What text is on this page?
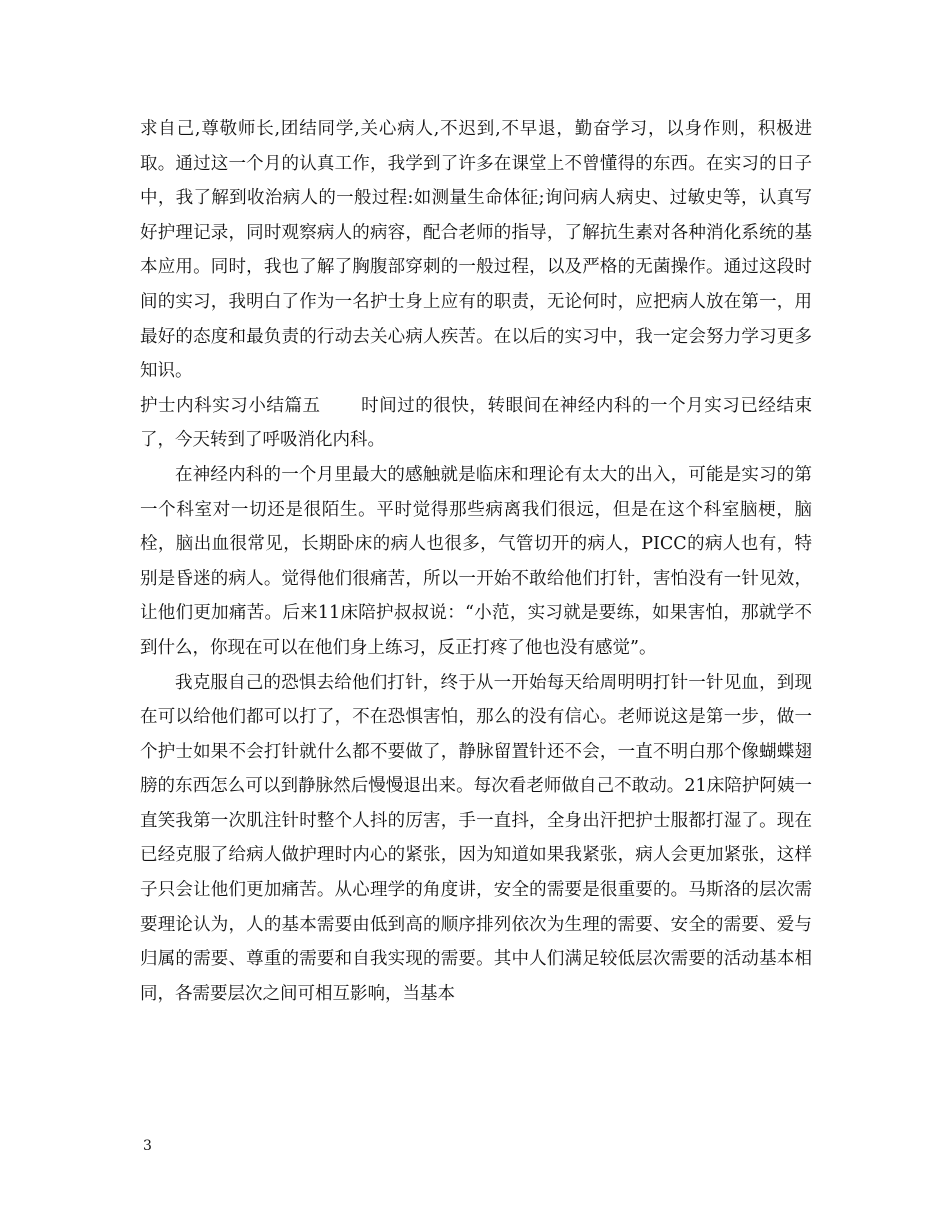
求自己,尊敬师长,团结同学,关心病人,不迟到,不早退，勤奋学习，以身作则，积极进取。通过这一个月的认真工作，我学到了许多在课堂上不曾懂得的东西。在实习的日子中，我了解到收治病人的一般过程:如测量生命体征;询问病人病史、过敏史等，认真写好护理记录，同时观察病人的病容，配合老师的指导，了解抗生素对各种消化系统的基本应用。同时，我也了解了胸腹部穿刺的一般过程，以及严格的无菌操作。通过这段时间的实习，我明白了作为一名护士身上应有的职责，无论何时，应把病人放在第一，用最好的态度和最负责的行动去关心病人疾苦。在以后的实习中，我一定会努力学习更多知识。

护士内科实习小结篇五 时间过的很快，转眼间在神经内科的一个月实习已经结束了，今天转到了呼吸消化内科。

在神经内科的一个月里最大的感触就是临床和理论有太大的出入，可能是实习的第一个科室对一切还是很陌生。平时觉得那些病离我们很远，但是在这个科室脑梗，脑栓，脑出血很常见，长期卧床的病人也很多，气管切开的病人，PICC的病人也有，特别是昏迷的病人。觉得他们很痛苦，所以一开始不敢给他们打针，害怕没有一针见效，让他们更加痛苦。后来11床陪护叔叔说：“小范，实习就是要练，如果害怕，那就学不到什么，你现在可以在他们身上练习，反正打疼了他也没有感觉”。

我克服自己的恐惧去给他们打针，终于从一开始每天给周明明打针一针见血，到现在可以给他们都可以打了，不在恐惧害怕，那么的没有信心。老师说这是第一步，做一个护士如果不会打针就什么都不要做了，静脉留置针还不会，一直不明白那个像蝴蝶翅膀的东西怎么可以到静脉然后慢慢退出来。每次看老师做自己不敢动。21床陪护阿姨一直笑我第一次肌注针时整个人抖的厉害，手一直抖，全身出汗把护士服都打湿了。现在已经克服了给病人做护理时内心的紧张，因为知道如果我紧张，病人会更加紧张，这样子只会让他们更加痛苦。从心理学的角度讲，安全的需要是很重要的。马斯洛的层次需要理论认为，人的基本需要由低到高的顺序排列依次为生理的需要、安全的需要、爱与归属的需要、尊重的需要和自我实现的需要。其中人们满足较低层次需要的活动基本相同，各需要层次之间可相互影响，当基本

3
